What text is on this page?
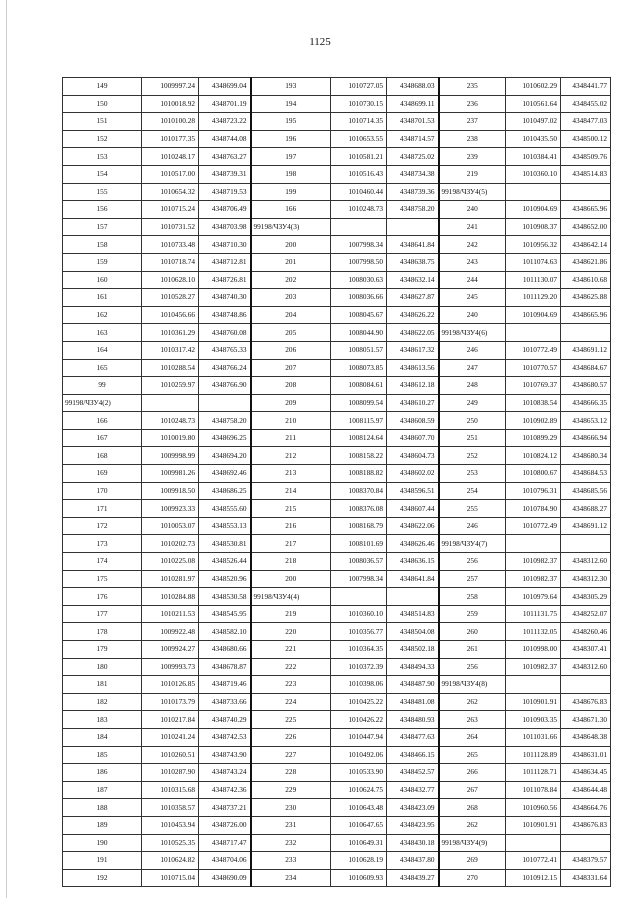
1125
149	1009997.24	4348699.04	193	1010727.05	4348688.03	235	1010602.29	4348441.77
150	1010018.92	4348701.19	194	1010730.15	4348699.11	236	1010561.64	4348455.02
151	1010100.28	4348723.22	195	1010714.35	4348701.53	237	1010497.02	4348477.03
152	1010177.35	4348744.08	196	1010653.55	4348714.57	238	1010435.50	4348500.12
153	1010248.17	4348763.27	197	1010581.21	4348725.02	239	1010384.41	4348509.76
154	1010517.00	4348739.31	198	1010516.43	4348734.38	219	1010360.10	4348514.83
155	1010654.32	4348719.53	199	1010460.44	4348739.36	99198/ЧЗУ4(5)		
156	1010715.24	4348706.49	166	1010248.73	4348758.20	240	1010904.69	4348665.96
157	1010731.52	4348703.98	99198/ЧЗУ4(3)			241	1010908.37	4348652.00
158	1010733.48	4348710.30	200	1007998.34	4348641.84	242	1010956.32	4348642.14
159	1010718.74	4348712.81	201	1007998.50	4348638.75	243	1011074.63	4348621.86
160	1010628.10	4348726.81	202	1008030.63	4348632.14	244	1011130.07	4348610.68
161	1010528.27	4348740.30	203	1008036.66	4348627.87	245	1011129.20	4348625.88
162	1010456.66	4348748.86	204	1008045.67	4348626.22	240	1010904.69	4348665.96
163	1010361.29	4348760.08	205	1008044.90	4348622.05	99198/ЧЗУ4(6)		
164	1010317.42	4348765.33	206	1008051.57	4348617.32	246	1010772.49	4348691.12
165	1010288.54	4348766.24	207	1008073.85	4348613.56	247	1010770.57	4348684.67
99	1010259.97	4348766.90	208	1008084.61	4348612.18	248	1010769.37	4348680.57
99198/ЧЗУ4(2)			209	1008099.54	4348610.27	249	1010838.54	4348666.35
166	1010248.73	4348758.20	210	1008115.97	4348608.59	250	1010902.89	4348653.12
167	1010019.80	4348696.25	211	1008124.64	4348607.70	251	1010899.29	4348666.94
168	1009998.99	4348694.20	212	1008158.22	4348604.73	252	1010824.12	4348680.34
169	1009981.26	4348692.46	213	1008188.82	4348602.02	253	1010800.67	4348684.53
170	1009918.50	4348686.25	214	1008370.84	4348596.51	254	1010796.31	4348685.56
171	1009923.33	4348555.60	215	1008376.08	4348607.44	255	1010784.90	4348688.27
172	1010053.07	4348553.13	216	1008168.79	4348622.06	246	1010772.49	4348691.12
173	1010202.73	4348530.81	217	1008101.69	4348626.46	99198/ЧЗУ4(7)		
174	1010225.08	4348526.44	218	1008036.57	4348636.15	256	1010982.37	4348312.60
175	1010281.97	4348520.96	200	1007998.34	4348641.84	257	1010982.37	4348312.30
176	1010284.88	4348530.58	99198/ЧЗУ4(4)			258	1010979.64	4348305.29
177	1010211.53	4348545.95	219	1010360.10	4348514.83	259	1011131.75	4348252.07
178	1009922.48	4348582.10	220	1010356.77	4348504.08	260	1011132.05	4348260.46
179	1009924.27	4348680.66	221	1010364.35	4348502.18	261	1010998.00	4348307.41
180	1009993.73	4348678.87	222	1010372.39	4348494.33	256	1010982.37	4348312.60
181	1010126.85	4348719.46	223	1010398.06	4348487.90	99198/ЧЗУ4(8)		
182	1010173.79	4348733.66	224	1010425.22	4348481.08	262	1010901.91	4348676.83
183	1010217.84	4348740.29	225	1010426.22	4348480.93	263	1010903.35	4348671.30
184	1010241.24	4348742.53	226	1010447.94	4348477.63	264	1011031.66	4348648.38
185	1010260.51	4348743.90	227	1010492.06	4348466.15	265	1011128.89	4348631.01
186	1010287.90	4348743.24	228	1010533.90	4348452.57	266	1011128.71	4348634.45
187	1010315.68	4348742.36	229	1010624.75	4348432.77	267	1011078.84	4348644.48
188	1010358.57	4348737.21	230	1010643.48	4348423.09	268	1010960.56	4348664.76
189	1010453.94	4348726.00	231	1010647.65	4348423.95	262	1010901.91	4348676.83
190	1010525.35	4348717.47	232	1010649.31	4348430.18	99198/ЧЗУ4(9)		
191	1010624.82	4348704.06	233	1010628.19	4348437.80	269	1010772.41	4348379.57
192	1010715.04	4348690.09	234	1010609.93	4348439.27	270	1010912.15	4348331.64
